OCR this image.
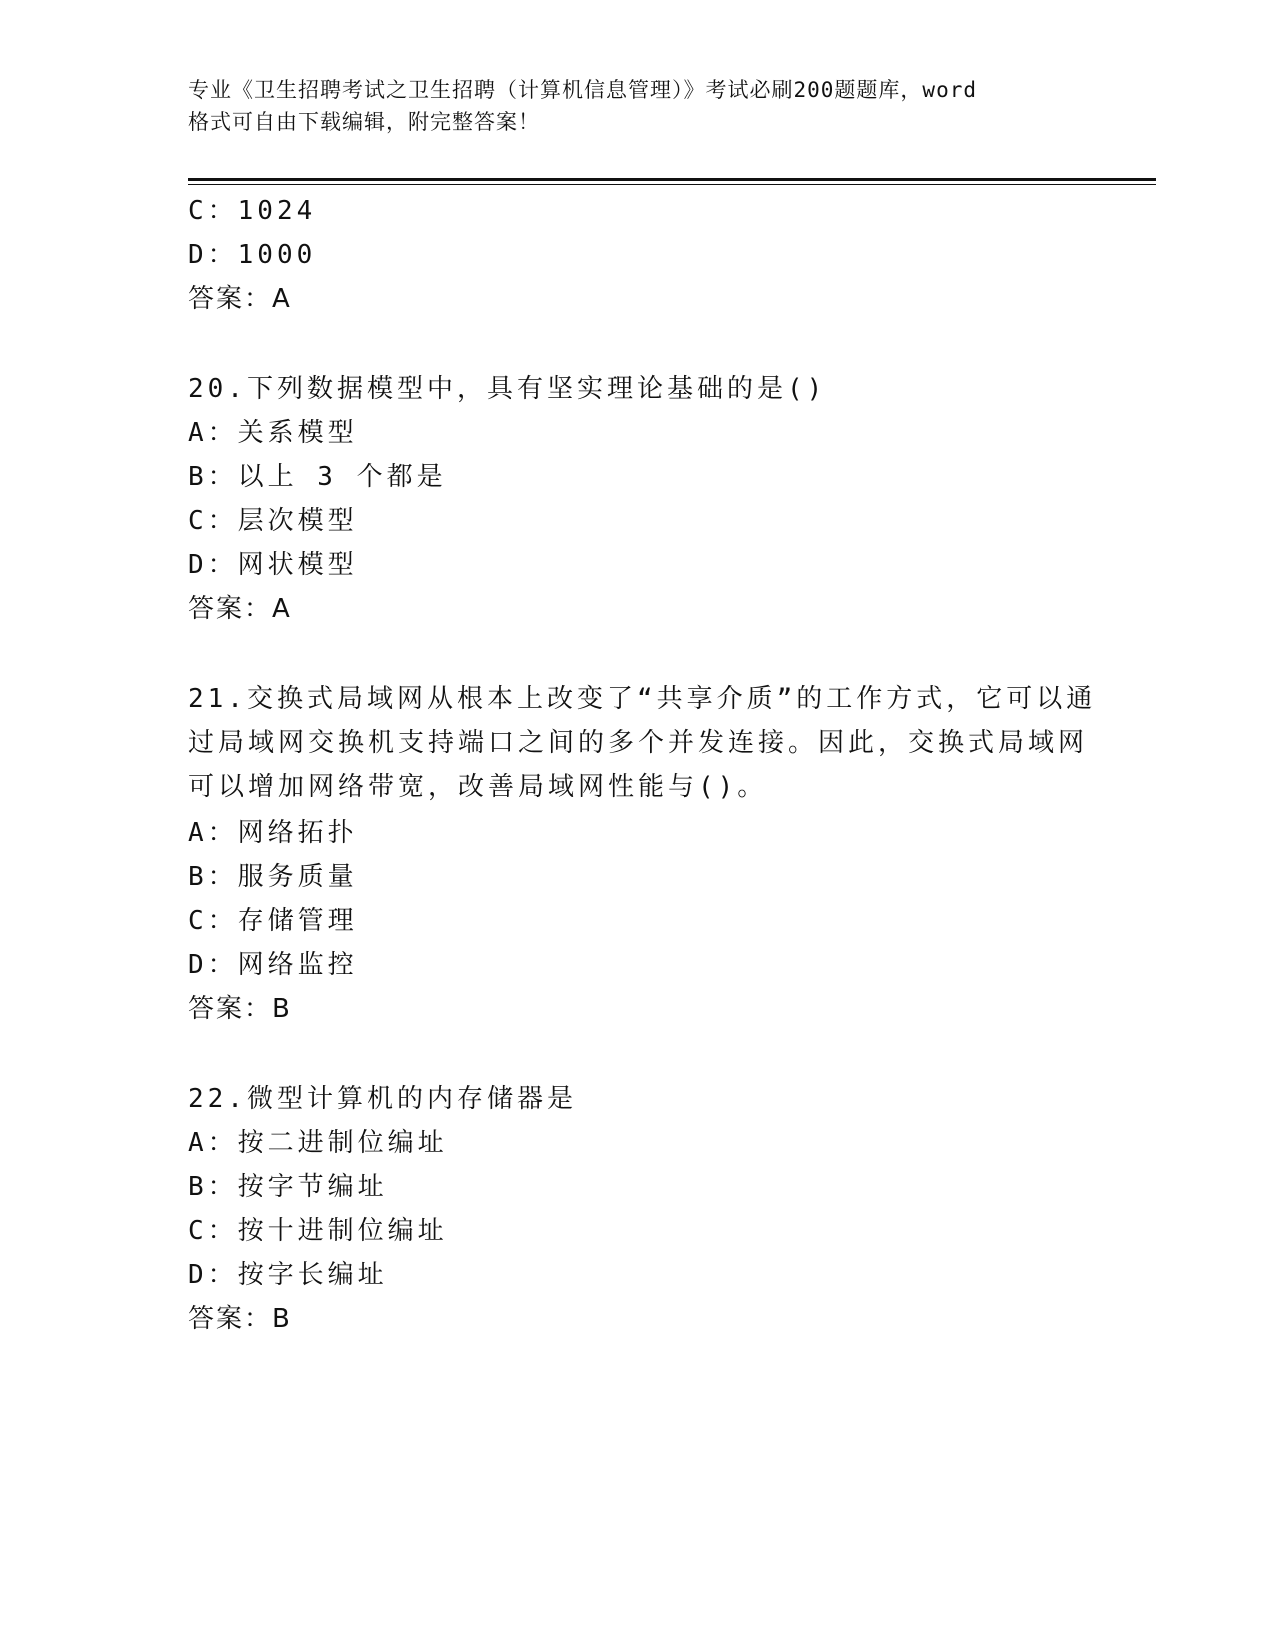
专业《卫生招聘考试之卫生招聘（计算机信息管理）》考试必刷200题题库，word
格式可自由下载编辑，附完整答案！
C：1024
D：1000
答案：A
20.下列数据模型中，具有坚实理论基础的是()
A：关系模型
B：以上 3 个都是
C：层次模型
D：网状模型
答案：A
21.交换式局域网从根本上改变了“共享介质”的工作方式，它可以通
过局域网交换机支持端口之间的多个并发连接。因此，交换式局域网
可以增加网络带宽，改善局域网性能与()。
A：网络拓扑
B：服务质量
C：存储管理
D：网络监控
答案：B
22.微型计算机的内存储器是
A：按二进制位编址
B：按字节编址
C：按十进制位编址
D：按字长编址
答案：B
